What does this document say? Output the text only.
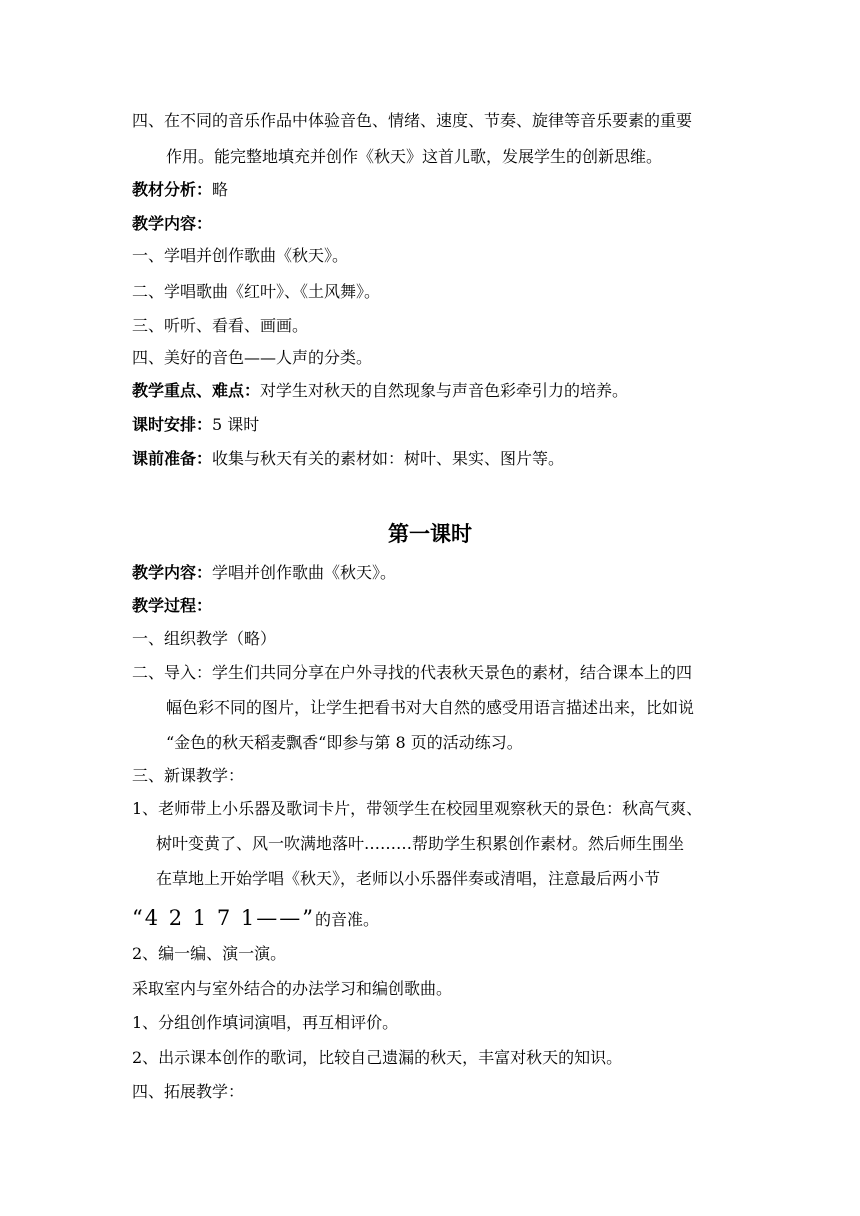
四、在不同的音乐作品中体验音色、情绪、速度、节奏、旋律等音乐要素的重要
作用。能完整地填充并创作《秋天》这首儿歌，发展学生的创新思维。
教材分析：略
教学内容：
一、学唱并创作歌曲《秋天》。
二、学唱歌曲《红叶》、《土风舞》。
三、听听、看看、画画。
四、美好的音色——人声的分类。
教学重点、难点：对学生对秋天的自然现象与声音色彩牵引力的培养。
课时安排：5 课时
课前准备：收集与秋天有关的素材如：树叶、果实、图片等。
第一课时
教学内容：学唱并创作歌曲《秋天》。
教学过程：
一、组织教学（略）
二、导入：学生们共同分享在户外寻找的代表秋天景色的素材，结合课本上的四
幅色彩不同的图片，让学生把看书对大自然的感受用语言描述出来，比如说
“金色的秋天稻麦飘香“即参与第 8 页的活动练习。
三、新课教学：
1、老师带上小乐器及歌词卡片，带领学生在校园里观察秋天的景色：秋高气爽、
树叶变黄了、风一吹满地落叶………帮助学生积累创作素材。然后师生围坐
在草地上开始学唱《秋天》，老师以小乐器伴奏或清唱，注意最后两小节
“4 2 1 7 1——”的音准。
2、编一编、演一演。
采取室内与室外结合的办法学习和编创歌曲。
1、分组创作填词演唱，再互相评价。
2、出示课本创作的歌词，比较自己遗漏的秋天，丰富对秋天的知识。
四、拓展教学：
